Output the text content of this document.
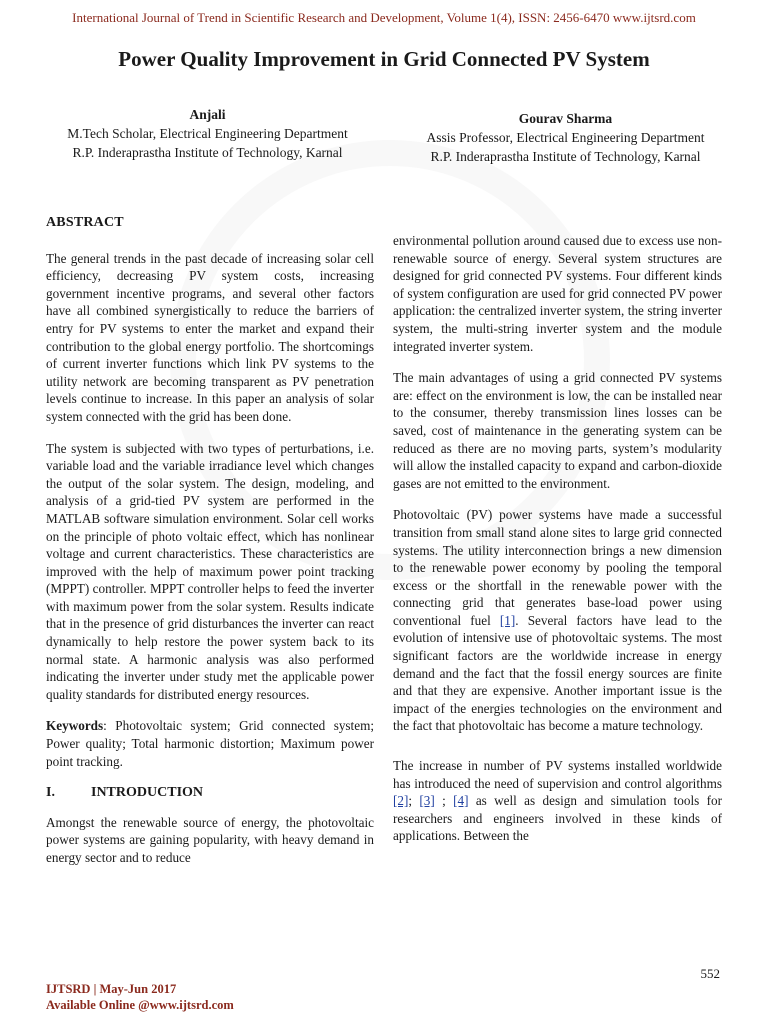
International Journal of Trend in Scientific Research and Development, Volume 1(4), ISSN: 2456-6470 www.ijtsrd.com
Power Quality Improvement in Grid Connected PV System
Anjali
M.Tech Scholar, Electrical Engineering Department
R.P. Inderaprastha Institute of Technology, Karnal
Gourav Sharma
Assis Professor, Electrical Engineering Department
R.P. Inderaprastha Institute of Technology, Karnal
ABSTRACT

The general trends in the past decade of increasing solar cell efficiency, decreasing PV system costs, increasing government incentive programs, and several other factors have all combined synergistically to reduce the barriers of entry for PV systems to enter the market and expand their contribution to the global energy portfolio. The shortcomings of current inverter functions which link PV systems to the utility network are becoming transparent as PV penetration levels continue to increase. In this paper an analysis of solar system connected with the grid has been done.

The system is subjected with two types of perturbations, i.e. variable load and the variable irradiance level which changes the output of the solar system. The design, modeling, and analysis of a grid-tied PV system are performed in the MATLAB software simulation environment. Solar cell works on the principle of photo voltaic effect, which has nonlinear voltage and current characteristics. These characteristics are improved with the help of maximum power point tracking (MPPT) controller. MPPT controller helps to feed the inverter with maximum power from the solar system. Results indicate that in the presence of grid disturbances the inverter can react dynamically to help restore the power system back to its normal state. A harmonic analysis was also performed indicating the inverter under study met the applicable power quality standards for distributed energy resources.

Keywords: Photovoltaic system; Grid connected system; Power quality; Total harmonic distortion; Maximum power point tracking.

I.	INTRODUCTION

Amongst the renewable source of energy, the photovoltaic power systems are gaining popularity, with heavy demand in energy sector and to reduce

environmental pollution around caused due to excess use non-renewable source of energy. Several system structures are designed for grid connected PV systems. Four different kinds of system configuration are used for grid connected PV power application: the centralized inverter system, the string inverter system, the multi-string inverter system and the module integrated inverter system.

The main advantages of using a grid connected PV systems are: effect on the environment is low, the can be installed near to the consumer, thereby transmission lines losses can be saved, cost of maintenance in the generating system can be reduced as there are no moving parts, system’s modularity will allow the installed capacity to expand and carbon-dioxide gases are not emitted to the environment.

Photovoltaic (PV) power systems have made a successful transition from small stand alone sites to large grid connected systems. The utility interconnection brings a new dimension to the renewable power economy by pooling the temporal excess or the shortfall in the renewable power with the connecting grid that generates base-load power using conventional fuel [1]. Several factors have lead to the evolution of intensive use of photovoltaic systems. The most significant factors are the worldwide increase in energy demand and the fact that the fossil energy sources are finite and that they are expensive. Another important issue is the impact of the energies technologies on the environment and the fact that photovoltaic has become a mature technology.

The increase in number of PV systems installed worldwide has introduced the need of supervision and control algorithms [2]; [3] ; [4] as well as design and simulation tools for researchers and engineers involved in these kinds of applications. Between the

552
IJTSRD | May-Jun 2017
Available Online @www.ijtsrd.com
